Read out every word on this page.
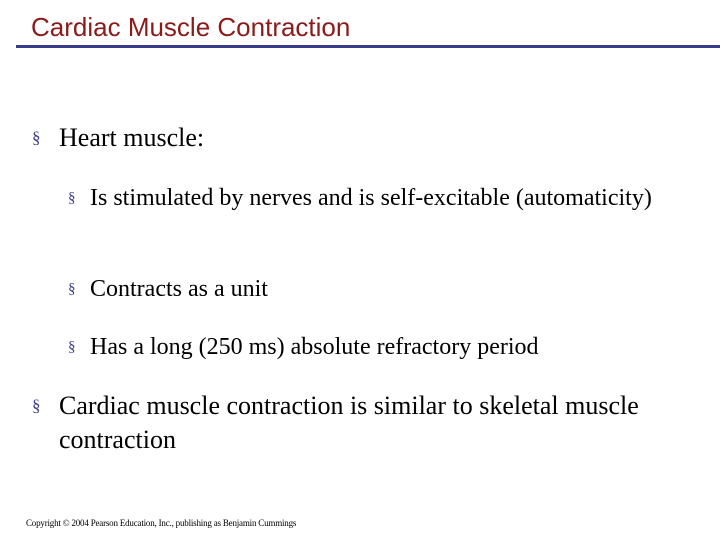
Cardiac Muscle Contraction
§ Heart muscle:
§ Is stimulated by nerves and is self-excitable (automaticity)
§ Contracts as a unit
§ Has a long (250 ms) absolute refractory period
§ Cardiac muscle contraction is similar to skeletal muscle contraction
Copyright © 2004 Pearson Education, Inc., publishing as Benjamin Cummings
